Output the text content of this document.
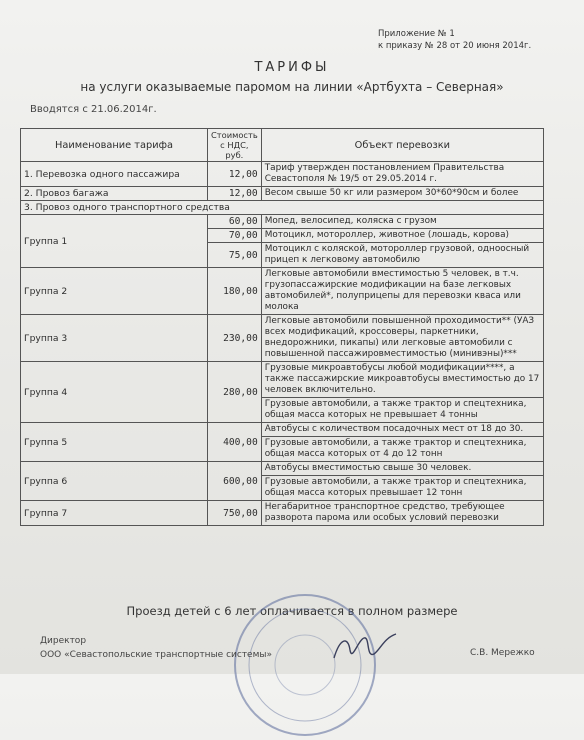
Приложение № 1
к приказу № 28 от 20 июня 2014г.
ТАРИФЫ
на услуги оказываемые паромом на линии «Артбухта – Северная»
Вводятся с 21.06.2014г.
Наименование тарифа	Стоимость с НДС, руб.	Объект перевозки
1. Перевозка одного пассажира	12,00	Тариф утвержден постановлением Правительства Севастополя № 19/5 от 29.05.2014 г.
2. Провоз багажа	12,00	Весом свыше 50 кг или размером 30*60*90см и более
3. Провоз одного транспортного средства		
Группа 1	60,00	Мопед, велосипед, коляска с грузом
	70,00	Мотоцикл, мотороллер, животное (лошадь, корова)
	75,00	Мотоцикл с коляской, мотороллер грузовой, одноосный прицеп к легковому автомобилю
Группа 2	180,00	Легковые автомобили вместимостью 5 человек, в т.ч. грузопассажирские модификации на базе легковых автомобилей*, полуприцепы для перевозки кваса или молока
Группа 3	230,00	Легковые автомобили повышенной проходимости** (УАЗ всех модификаций, кроссоверы, паркетники, внедорожники, пикапы) или легковые автомобили с повышенной пассажировместимостью (минивэны)***
Группа 4	280,00	Грузовые микроавтобусы любой модификации****, а также пассажирские микроавтобусы вместимостью до 17 человек включительно.
		Грузовые автомобили, а также трактор и спецтехника, общая масса которых не превышает 4 тонны
Группа 5	400,00	Автобусы с количеством посадочных мест от 18 до 30.
		Грузовые автомобили, а также трактор и спецтехника, общая масса которых от 4 до 12 тонн
Группа 6	600,00	Автобусы вместимостью свыше 30 человек.
		Грузовые автомобили, а также трактор и спецтехника, общая масса которых превышает 12 тонн
Группа 7	750,00	Негабаритное транспортное средство, требующее разворота парома или особых условий перевозки
Проезд детей с 6 лет оплачивается в полном размере
Директор
ООО «Севастопольские транспортные системы»	С.В. Мережко
